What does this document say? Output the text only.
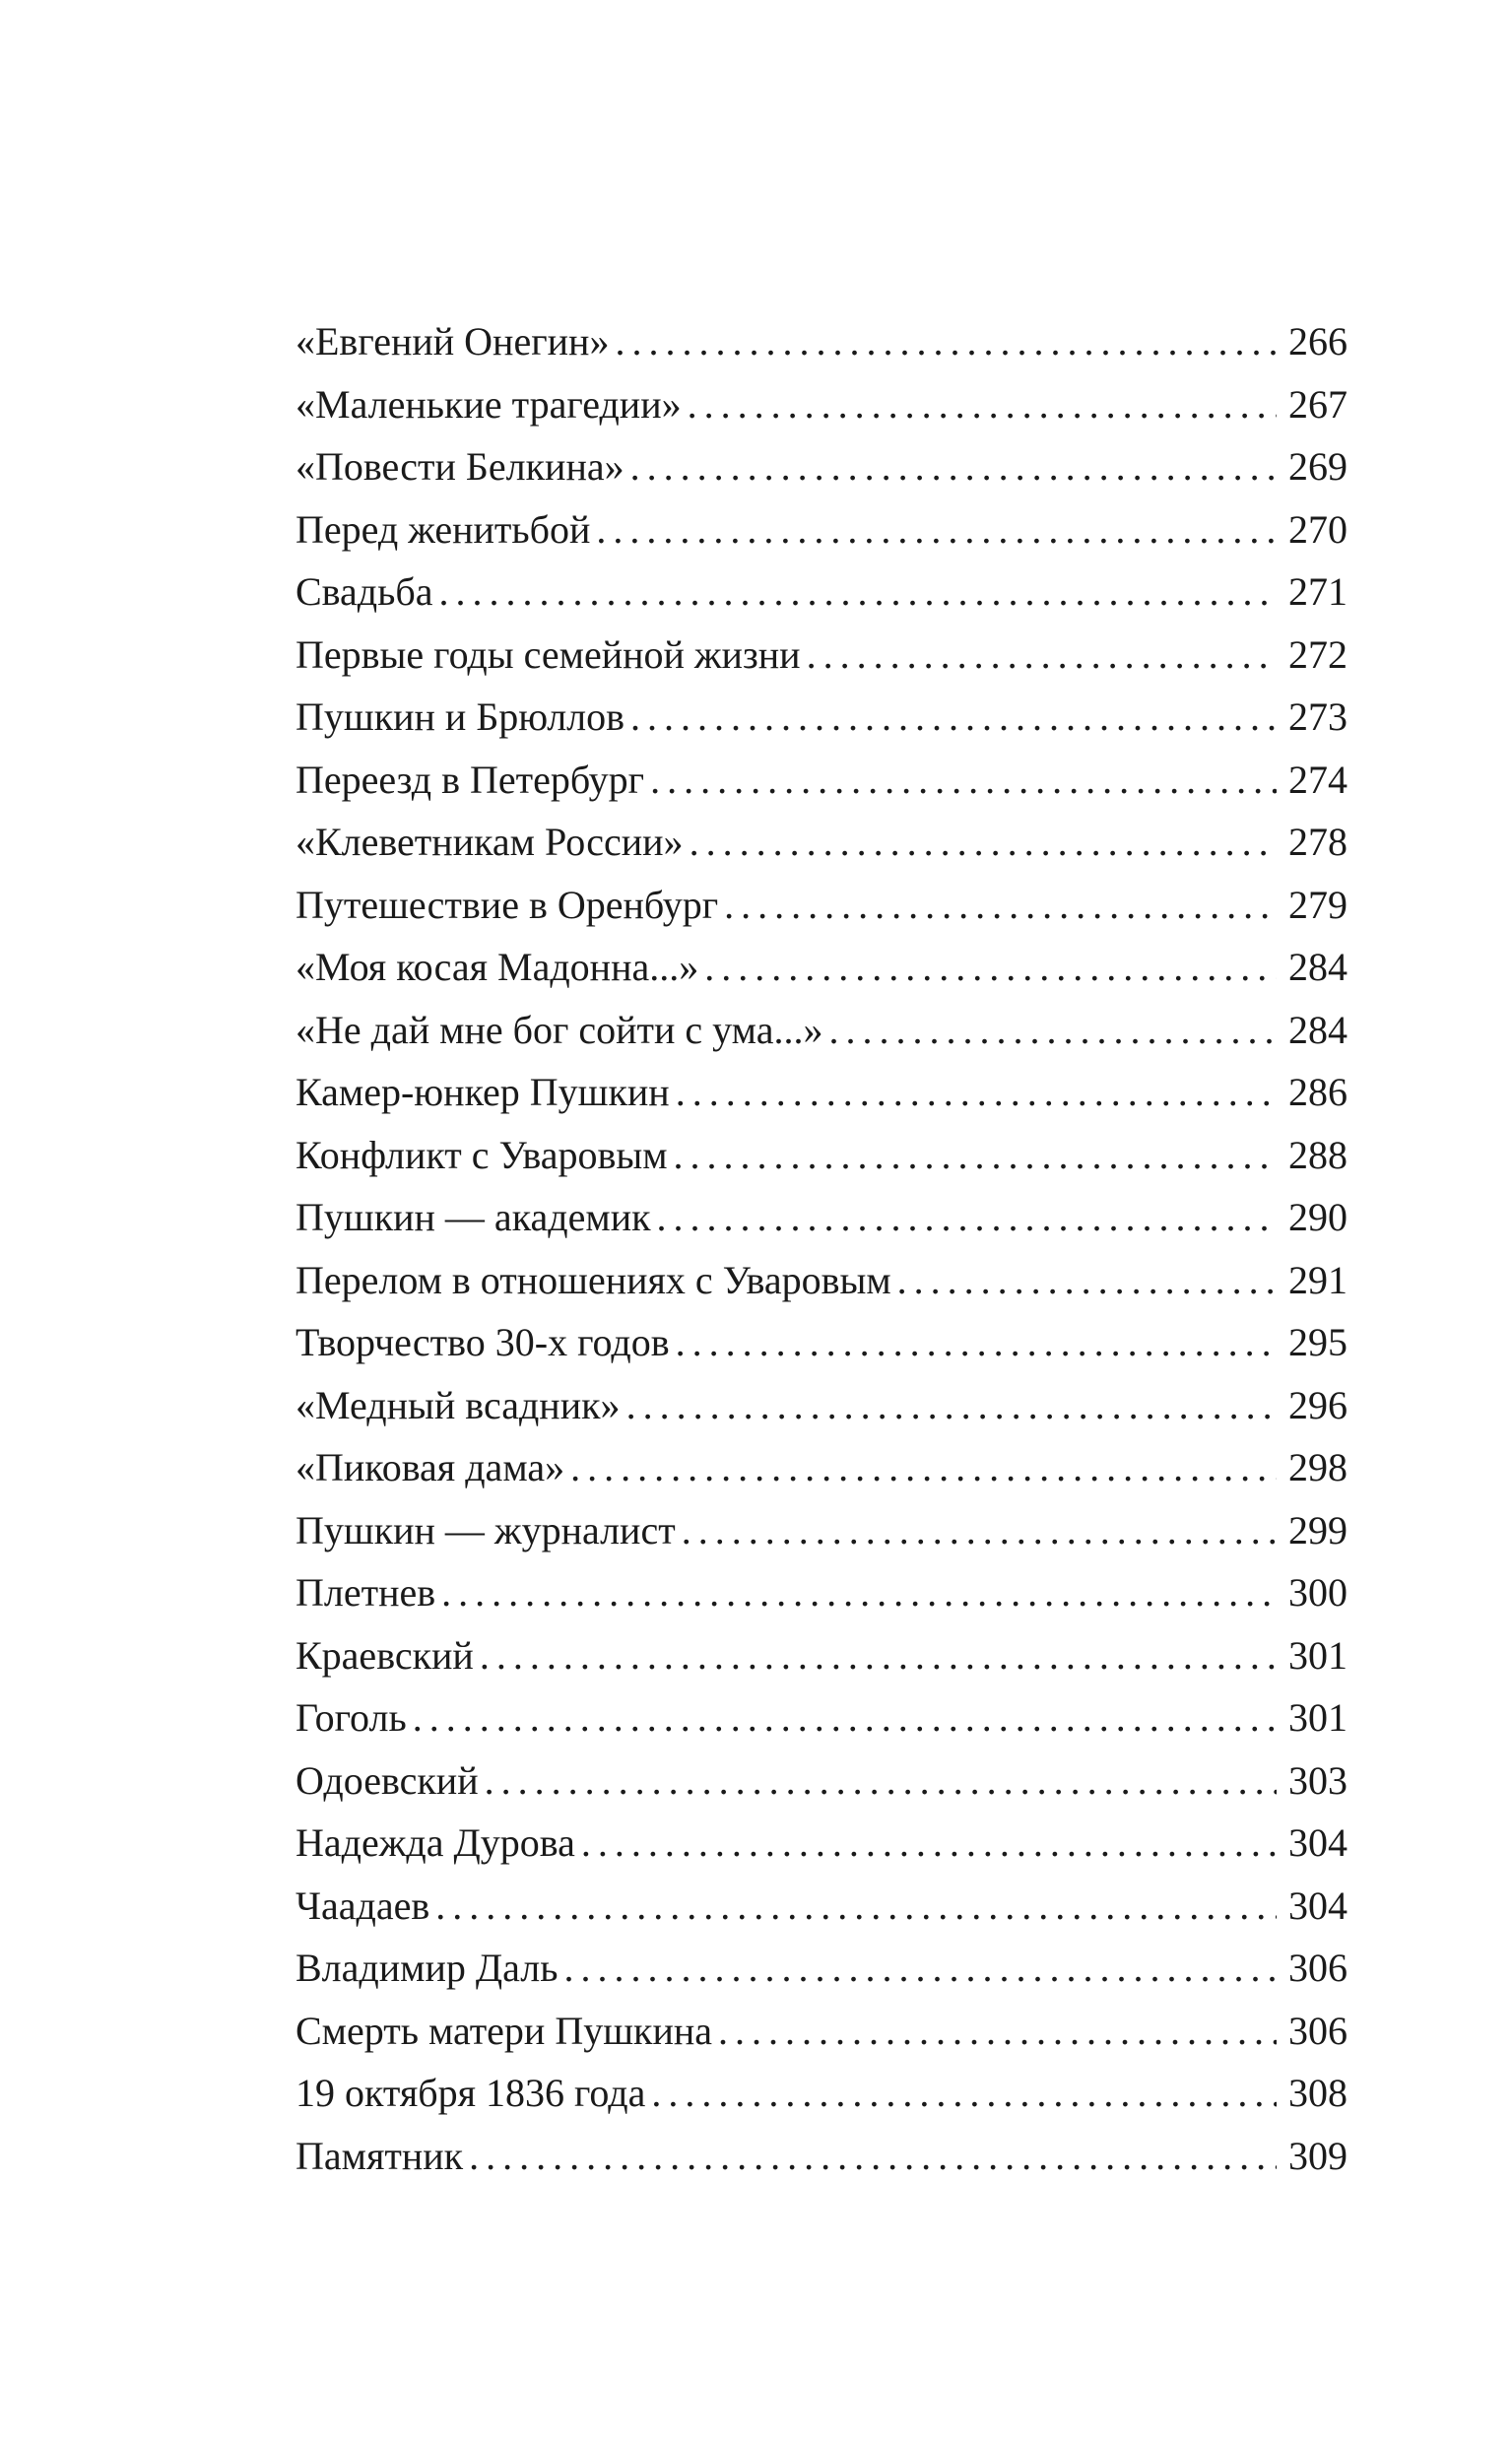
«Евгений Онегин» .....	266
«Маленькие трагедии» .....	267
«Повести Белкина» .....	269
Перед женитьбой .....	270
Свадьба .....	271
Первые годы семейной жизни .....	272
Пушкин и Брюллов .....	273
Переезд в Петербург .....	274
«Клеветникам России» .....	278
Путешествие в Оренбург .....	279
«Моя косая Мадонна...» .....	284
«Не дай мне бог сойти с ума...» .....	284
Камер-юнкер Пушкин .....	286
Конфликт с Уваровым .....	288
Пушкин — академик .....	290
Перелом в отношениях с Уваровым .....	291
Творчество 30-х годов .....	295
«Медный всадник» .....	296
«Пиковая дама» .....	298
Пушкин — журналист .....	299
Плетнев .....	300
Краевский .....	301
Гоголь .....	301
Одоевский .....	303
Надежда Дурова .....	304
Чаадаев .....	304
Владимир Даль .....	306
Смерть матери Пушкина .....	306
19 октября 1836 года .....	308
Памятник .....	309
